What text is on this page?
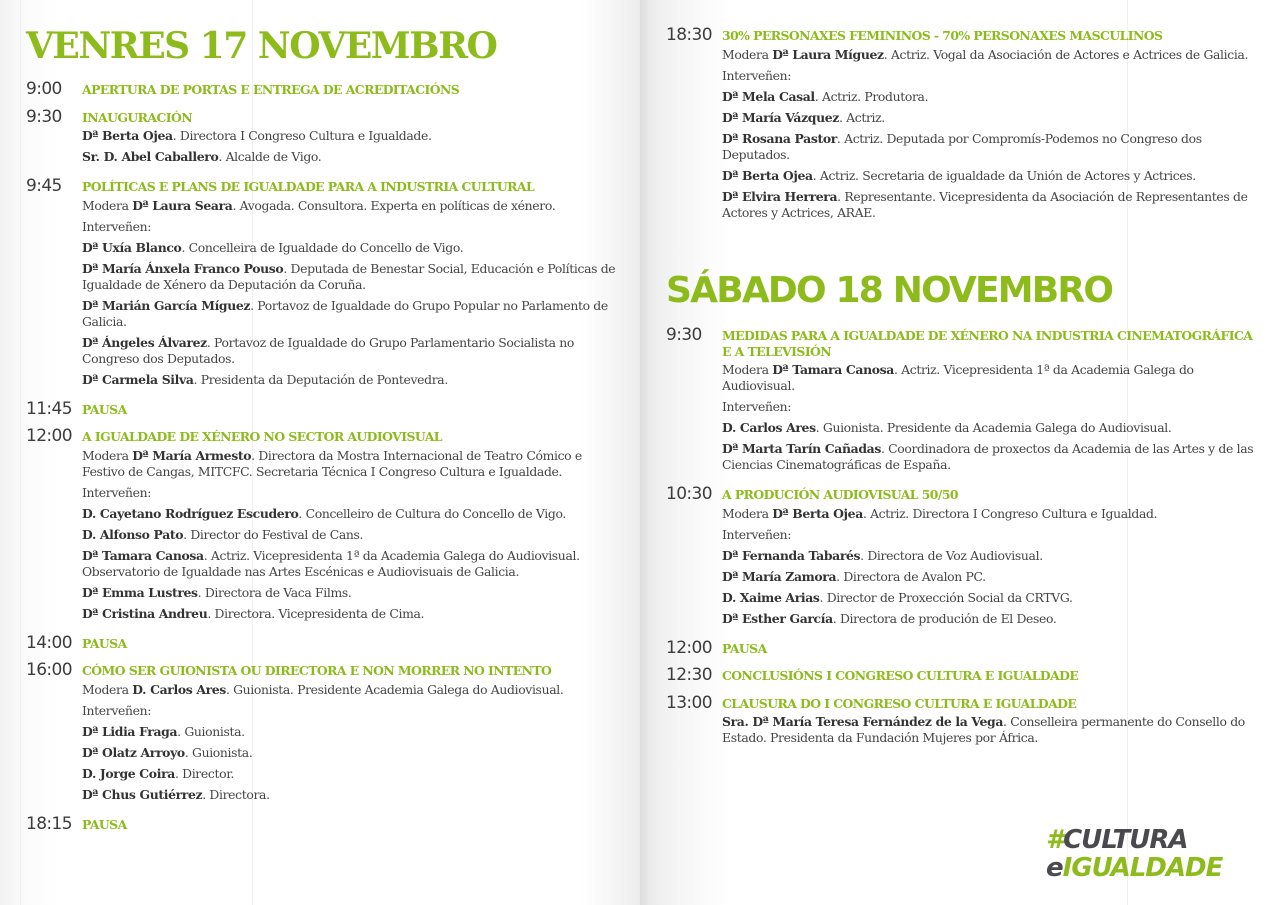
VENRES 17 NOVEMBRO
9:00	APERTURA DE PORTAS E ENTREGA DE ACREDITACIÓNS
9:30	INAUGURACIÓN
Dª Berta Ojea. Directora I Congreso Cultura e Igualdade.
Sr. D. Abel Caballero. Alcalde de Vigo.
9:45	POLÍTICAS E PLANS DE IGUALDADE PARA A INDUSTRIA CULTURAL
Modera Dª Laura Seara. Avogada. Consultora. Experta en políticas de xénero.
Interveñen:
Dª Uxía Blanco. Concelleira de Igualdade do Concello de Vigo.
Dª María Ánxela Franco Pouso. Deputada de Benestar Social, Educación e Políticas de Igualdade de Xénero da Deputación da Coruña.
Dª Marián García Míguez. Portavoz de Igualdade do Grupo Popular no Parlamento de Galicia.
Dª Ángeles Álvarez. Portavoz de Igualdade do Grupo Parlamentario Socialista no Congreso dos Deputados.
Dª Carmela Silva. Presidenta da Deputación de Pontevedra.
11:45 PAUSA
12:00 A IGUALDADE DE XÉNERO NO SECTOR AUDIOVISUAL
Modera Dª María Armesto. Directora da Mostra Internacional de Teatro Cómico e Festivo de Cangas, MITCFC. Secretaria Técnica I Congreso Cultura e Igualdade.
Interveñen:
D. Cayetano Rodríguez Escudero. Concelleiro de Cultura do Concello de Vigo.
D. Alfonso Pato. Director do Festival de Cans.
Dª Tamara Canosa. Actriz. Vicepresidenta 1ª da Academia Galega do Audiovisual. Observatorio de Igualdade nas Artes Escénicas e Audiovisuais de Galicia.
Dª Emma Lustres. Directora de Vaca Films.
Dª Cristina Andreu. Directora. Vicepresidenta de Cima.
14:00 PAUSA
16:00 CÓMO SER GUIONISTA OU DIRECTORA E NON MORRER NO INTENTO
Modera D. Carlos Ares. Guionista. Presidente Academia Galega do Audiovisual.
Interveñen:
Dª Lidia Fraga. Guionista.
Dª Olatz Arroyo. Guionista.
D. Jorge Coira. Director.
Dª Chus Gutiérrez. Directora.
18:15 PAUSA
18:30 30% PERSONAXES FEMININOS - 70% PERSONAXES MASCULINOS
Modera Dª Laura Míguez. Actriz. Vogal da Asociación de Actores e Actrices de Galicia.
Interveñen:
Dª Mela Casal. Actriz. Produtora.
Dª María Vázquez. Actriz.
Dª Rosana Pastor. Actriz. Deputada por Compromís-Podemos no Congreso dos Deputados.
Dª Berta Ojea. Actriz. Secretaria de igualdade da Unión de Actores y Actrices.
Dª Elvira Herrera. Representante. Vicepresidenta da Asociación de Representantes de Actores y Actrices, ARAE.
SÁBADO 18 NOVEMBRO
9:30	MEDIDAS PARA A IGUALDADE DE XÉNERO NA INDUSTRIA CINEMATOGRÁFICA E A TELEVISIÓN
Modera Dª Tamara Canosa. Actriz. Vicepresidenta 1ª da Academia Galega do Audiovisual.
Interveñen:
D. Carlos Ares. Guionista. Presidente da Academia Galega do Audiovisual.
Dª Marta Tarín Cañadas. Coordinadora de proxectos da Academia de las Artes y de las Ciencias Cinematográficas de España.
10:30 A PRODUCIÓN AUDIOVISUAL 50/50
Modera Dª Berta Ojea. Actriz. Directora I Congreso Cultura e Igualdad.
Interveñen:
Dª Fernanda Tabarés. Directora de Voz Audiovisual.
Dª María Zamora. Directora de Avalon PC.
D. Xaime Arias. Director de Proxección Social da CRTVG.
Dª Esther García. Directora de produción de El Deseo.
12:00 PAUSA
12:30 CONCLUSIÓNS I CONGRESO CULTURA E IGUALDADE
13:00 CLAUSURA DO I CONGRESO CULTURA E IGUALDADE
Sra. Dª María Teresa Fernández de la Vega. Conselleira permanente do Consello do Estado. Presidenta da Fundación Mujeres por África.
#CULTURA
eIGUALDADE
